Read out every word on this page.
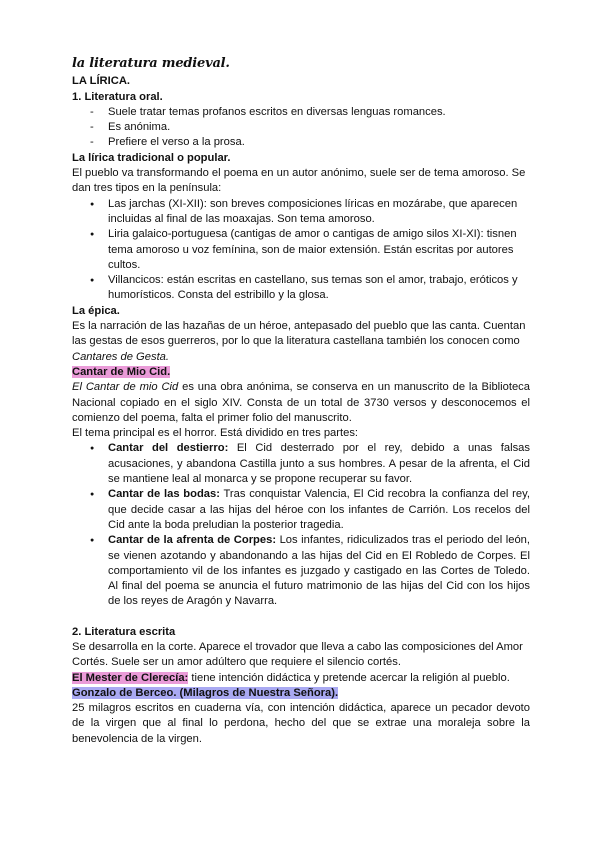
la literatura medieval.

LA LÍRICA.

1. Literatura oral.

- Suele tratar temas profanos escritos en diversas lenguas romances.
- Es anónima.
- Prefiere el verso a la prosa.

La lírica tradicional o popular.

El pueblo va transformando el poema en un autor anónimo, suele ser de tema amoroso. Se dan tres tipos en la península:

● Las jarchas (XI-XII): son breves composiciones líricas en mozárabe, que aparecen incluidas al final de las moaxajas. Son tema amoroso.
● Liria galaico-portuguesa (cantigas de amor o cantigas de amigo silos XI-XI): tisnen tema amoroso u voz femínina, son de maior extensión. Están escritas por autores cultos.
● Villancicos: están escritas en castellano, sus temas son el amor, trabajo, eróticos y humorísticos. Consta del estribillo y la glosa.

La épica.

Es la narración de las hazañas de un héroe, antepasado del pueblo que las canta. Cuentan las gestas de esos guerreros, por lo que la literatura castellana también los conocen como Cantares de Gesta.

Cantar de Mio Cid.

El Cantar de mio Cid es una obra anónima, se conserva en un manuscrito de la Biblioteca Nacional copiado en el siglo XIV. Consta de un total de 3730 versos y desconocemos el comienzo del poema, falta el primer folio del manuscrito.

El tema principal es el horror. Está dividido en tres partes:

● Cantar del destierro: El Cid desterrado por el rey, debido a unas falsas acusaciones, y abandona Castilla junto a sus hombres. A pesar de la afrenta, el Cid se mantiene leal al monarca y se propone recuperar su favor.
● Cantar de las bodas: Tras conquistar Valencia, El Cid recobra la confianza del rey, que decide casar a las hijas del héroe con los infantes de Carrión. Los recelos del Cid ante la boda preludian la posterior tragedia.
● Cantar de la afrenta de Corpes: Los infantes, ridiculizados tras el periodo del león, se vienen azotando y abandonando a las hijas del Cid en El Robledo de Corpes. El comportamiento vil de los infantes es juzgado y castigado en las Cortes de Toledo. Al final del poema se anuncia el futuro matrimonio de las hijas del Cid con los hijos de los reyes de Aragón y Navarra.

2. Literatura escrita

Se desarrolla en la corte. Aparece el trovador que lleva a cabo las composiciones del Amor Cortés. Suele ser un amor adúltero que requiere el silencio cortés.

El Mester de Clerecía: tiene intención didáctica y pretende acercar la religión al pueblo.

Gonzalo de Berceo. (Milagros de Nuestra Señora).

25 milagros escritos en cuaderna vía, con intención didáctica, aparece un pecador devoto de la virgen que al final lo perdona, hecho del que se extrae una moraleja sobre la benevolencia de la virgen.
